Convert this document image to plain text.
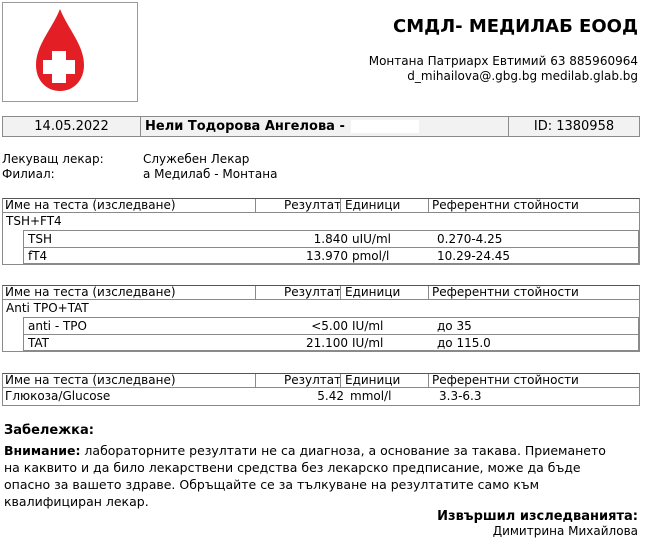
СМДЛ- МЕДИЛАБ ЕООД
Монтана Патриарх Евтимий 63 885960964
d_mihailova@.gbg.bg medilab.glab.bg
14.05.2022	Нели Тодорова Ангелова -	ID: 1380958
Лекуващ лекар:	Служебен Лекар
Филиал:	а Медилаб - Монтана
Име на теста (изследване)	Резултат Единици	Референтни стойности
TSH+FT4
TSH	1.840 uIU/ml	0.270-4.25
fT4	13.970 pmol/l	10.29-24.45
Име на теста (изследване)	Резултат Единици	Референтни стойности
Anti TPO+TAT
anti - TPO	<5.00 IU/ml	до 35
TAT	21.100 IU/ml	до 115.0
Име на теста (изследване)	Резултат Единици	Референтни стойности
Глюкоза/Glucose	5.42 mmol/l	3.3-6.3
Забележка:
Внимание: лабораторните резултати не са диагноза, а основание за такава. Приемането на каквито и да било лекарствени средства без лекарско предписание, може да бъде опасно за вашето здраве. Обръщайте се за тълкуване на резултатите само към квалифициран лекар.
Извършил изследванията:
Димитрина Михайлова
